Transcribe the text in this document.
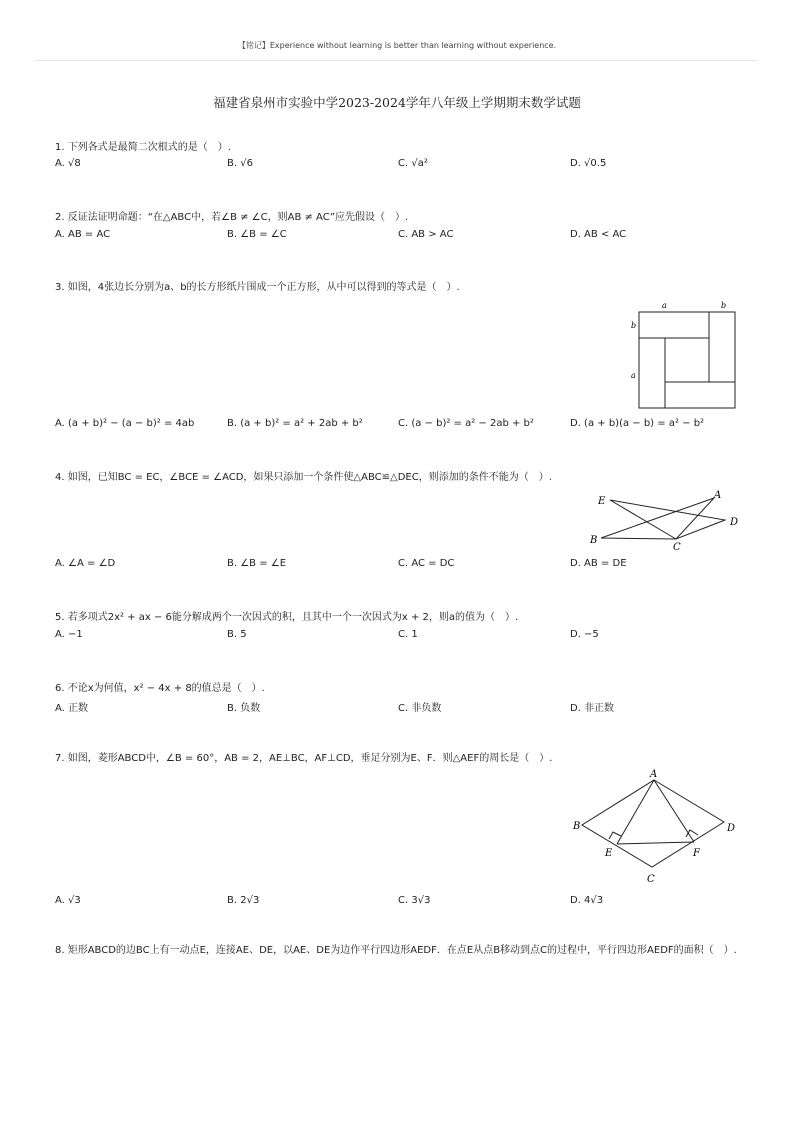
【铭记】Experience without learning is better than learning without experience.
福建省泉州市实验中学2023-2024学年八年级上学期期末数学试题
1. 下列各式是最简二次根式的是（　）.
A. √8	B. √6	C. √a²	D. √0.5
2. 反证法证明命题：“在△ABC中，若∠B ≠ ∠C，则AB ≠ AC”应先假设（　）.
A. AB = AC	B. ∠B = ∠C	C. AB > AC	D. AB < AC
3. 如图，4张边长分别为a、b的长方形纸片围成一个正方形，从中可以得到的等式是（　）.
a	b
b
a
A. (a + b)² − (a − b)² = 4ab	B. (a + b)² = a² + 2ab + b²	C. (a − b)² = a² − 2ab + b²	D. (a + b)(a − b) = a² − b²
4. 如图，已知BC = EC，∠BCE = ∠ACD，如果只添加一个条件使△ABC≌△DEC，则添加的条件不能为（　）.
E
A
D
B
C
A. ∠A = ∠D	B. ∠B = ∠E	C. AC = DC	D. AB = DE
5. 若多项式2x² + ax − 6能分解成两个一次因式的积，且其中一个一次因式为x + 2，则a的值为（　）.
A. −1	B. 5	C. 1	D. −5
6. 不论x为何值，x² − 4x + 8的值总是（　）.
A. 正数	B. 负数	C. 非负数	D. 非正数
7. 如图，菱形ABCD中，∠B = 60°，AB = 2，AE⊥BC，AF⊥CD，垂足分别为E、F．则△AEF的周长是（　）.
A
B	D
E	F
C
A. √3	B. 2√3	C. 3√3	D. 4√3
8. 矩形ABCD的边BC上有一动点E，连接AE、DE，以AE、DE为边作平行四边形AEDF．在点E从点B移动到点C的过程中，平行四边形AEDF的面积（　）.
